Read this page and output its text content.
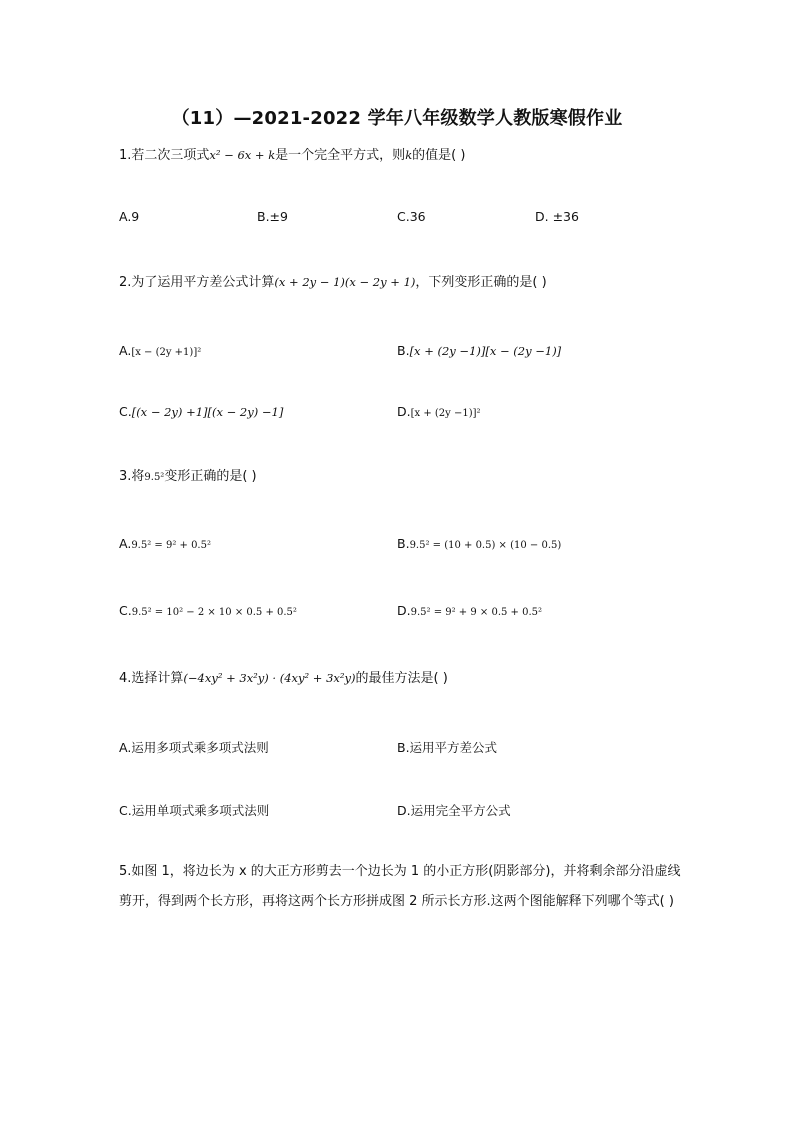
（11）—2021-2022 学年八年级数学人教版寒假作业
1.若二次三项式x² − 6x + k是一个完全平方式，则k的值是( )
A.9	B.±9	C.36	D. ±36
2.为了运用平方差公式计算(x + 2y − 1)(x − 2y + 1)，下列变形正确的是( )
A.[x − (2y +1)]²	B.[x + (2y −1)][x − (2y −1)]
C.[(x − 2y) +1][(x − 2y) −1]	D.[x + (2y −1)]²
3.将9.5²变形正确的是( )
A.9.5² = 9² + 0.5²	B.9.5² = (10 + 0.5) × (10 − 0.5)
C.9.5² = 10² − 2 × 10 × 0.5 + 0.5²	D.9.5² = 9² + 9 × 0.5 + 0.5²
4.选择计算(−4xy² + 3x²y) · (4xy² + 3x²y)的最佳方法是( )
A.运用多项式乘多项式法则	B.运用平方差公式
C.运用单项式乘多项式法则	D.运用完全平方公式
5.如图 1，将边长为 x 的大正方形剪去一个边长为 1 的小正方形(阴影部分)，并将剩余部分沿虚线剪开，得到两个长方形，再将这两个长方形拼成图 2 所示长方形.这两个图能解释下列哪个等式( )
